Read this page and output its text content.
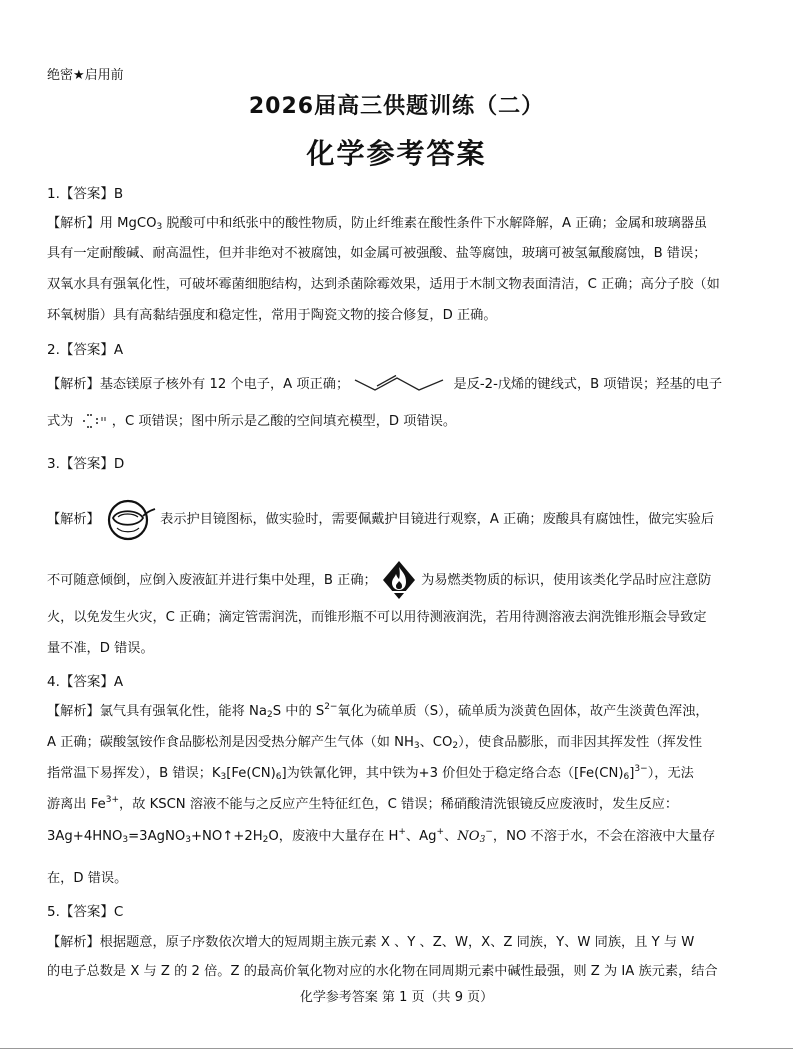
绝密★启用前
2026届高三供题训练（二）
化学参考答案
1.【答案】B
【解析】用 MgCO$_3$ 脱酸可中和纸张中的酸性物质，防止纤维素在酸性条件下水解降解，A 正确；金属和玻璃器虽
具有一定耐酸碱、耐高温性，但并非绝对不被腐蚀，如金属可被强酸、盐等腐蚀，玻璃可被氢氟酸腐蚀，B 错误；
双氧水具有强氧化性，可破坏霉菌细胞结构，达到杀菌除霉效果，适用于木制文物表面清洁，C 正确；高分子胶（如
环氧树脂）具有高黏结强度和稳定性，常用于陶瓷文物的接合修复，D 正确。
2.【答案】A
【解析】基态镁原子核外有 12 个电子，A 项正确；	是反-2-戊烯的键线式，B 项错误；羟基的电子
式为	，C 项错误；图中所示是乙酸的空间填充模型，D 项错误。
3.【答案】D
【解析】	表示护目镜图标，做实验时，需要佩戴护目镜进行观察，A 正确；废酸具有腐蚀性，做完实验后
不可随意倾倒，应倒入废液缸并进行集中处理，B 正确；	为易燃类物质的标识，使用该类化学品时应注意防
火，以免发生火灾，C 正确；滴定管需润洗，而锥形瓶不可以用待测液润洗，若用待测溶液去润洗锥形瓶会导致定
量不准，D 错误。
4.【答案】A
【解析】氯气具有强氧化性，能将 $Na_2S$ 中的 $S^{2-}$氧化为硫单质（S），硫单质为淡黄色固体，故产生淡黄色浑浊，
A 正确；碳酸氢铵作食品膨松剂是因受热分解产生气体（如 $NH_3$、$CO_2$），使食品膨胀，而非因其挥发性（挥发性
指常温下易挥发），B 错误；$K_3[Fe(CN)_6]$为铁氰化钾，其中铁为+3 价但处于稳定络合态$([Fe(CN)_6]^{3-})$，无法
游离出 $Fe^{3+}$，故 KSCN 溶液不能与之反应产生特征红色，C 错误；稀硝酸清洗银镜反应废液时，发生反应：
$3Ag+4HNO_3=3AgNO_3+NO↑+2H_2O$，废液中大量存在 H+、Ag+、$NO_3^-$，NO 不溶于水，不会在溶液中大量存
在，D 错误。
5.【答案】C
【解析】根据题意，原子序数依次增大的短周期主族元素 X 、Y 、Z、W，X、Z 同族，Y、W 同族，且 Y 与 W
的电子总数是 X 与 Z 的 2 倍。Z 的最高价氧化物对应的水化物在同周期元素中碱性最强，则 Z 为 IA 族元素，结合
化学参考答案 第 1 页（共 9 页）
